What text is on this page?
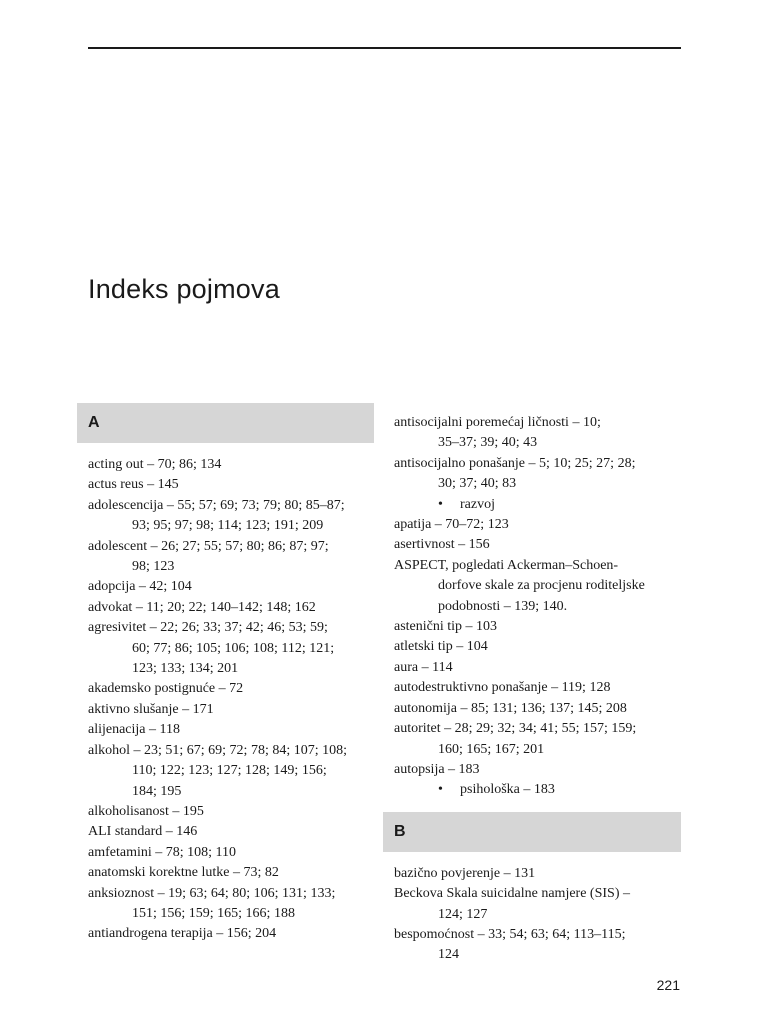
Indeks pojmova
A
acting out – 70; 86; 134
actus reus – 145
adolescencija – 55; 57; 69; 73; 79; 80; 85–87;
93; 95; 97; 98; 114; 123; 191; 209
adolescent – 26; 27; 55; 57; 80; 86; 87; 97;
98; 123
adopcija – 42; 104
advokat – 11; 20; 22; 140–142; 148; 162
agresivitet – 22; 26; 33; 37; 42; 46; 53; 59;
60; 77; 86; 105; 106; 108; 112; 121;
123; 133; 134; 201
akademsko postignuće – 72
aktivno slušanje – 171
alijenacija – 118
alkohol – 23; 51; 67; 69; 72; 78; 84; 107; 108;
110; 122; 123; 127; 128; 149; 156;
184; 195
alkoholisanost – 195
ALI standard – 146
amfetamini – 78; 108; 110
anatomski korektne lutke – 73; 82
anksioznost – 19; 63; 64; 80; 106; 131; 133;
151; 156; 159; 165; 166; 188
antiandrogena terapija – 156; 204
antisocijalni poremećaj ličnosti – 10;
35–37; 39; 40; 43
antisocijalno ponašanje – 5; 10; 25; 27; 28;
30; 37; 40; 83
• razvoj
apatija – 70–72; 123
asertivnost – 156
ASPECT, pogledati Ackerman–Schoen-
dorfove skale za procjenu roditeljske
podobnosti – 139; 140.
astenični tip – 103
atletski tip – 104
aura – 114
autodestruktivno ponašanje – 119; 128
autonomija – 85; 131; 136; 137; 145; 208
autoritet – 28; 29; 32; 34; 41; 55; 157; 159;
160; 165; 167; 201
autopsija – 183
• psihološka – 183
B
bazično povjerenje – 131
Beckova Skala suicidalne namjere (SIS) –
124; 127
bespomoćnost – 33; 54; 63; 64; 113–115;
124
221
